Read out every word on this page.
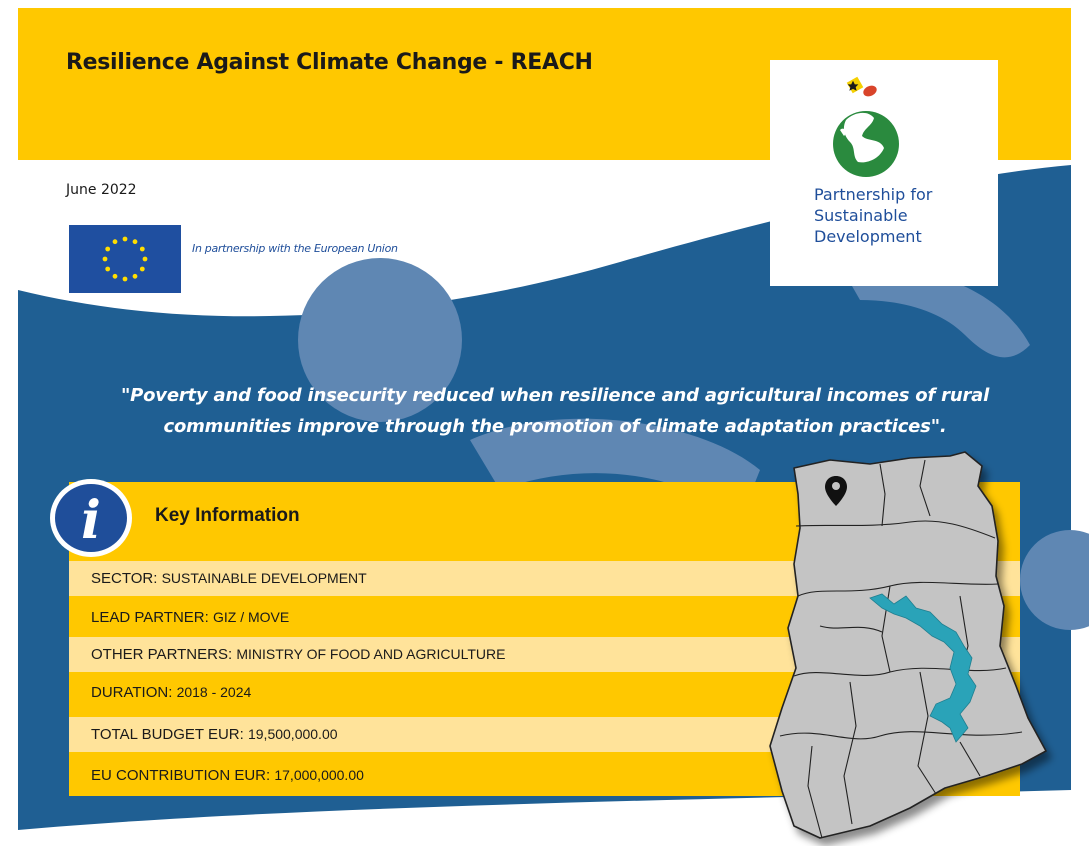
Resilience Against Climate Change - REACH
June 2022
In partnership with the European Union
Partnership for
Sustainable
Development
"Poverty and food insecurity reduced when resilience and agricultural incomes of rural communities improve through the promotion of climate adaptation practices".
Key Information
SECTOR: SUSTAINABLE DEVELOPMENT
LEAD PARTNER: GIZ / MOVE
OTHER PARTNERS: MINISTRY OF FOOD AND AGRICULTURE
DURATION: 2018 - 2024
TOTAL BUDGET EUR: 19,500,000.00
EU CONTRIBUTION EUR: 17,000,000.00
i
